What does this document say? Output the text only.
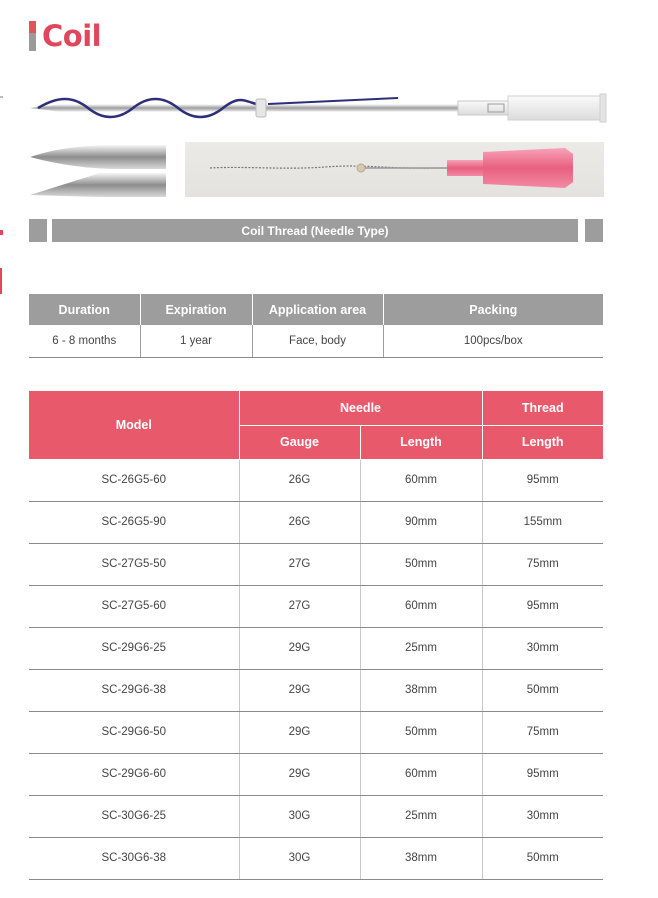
Coil
Coil Thread (Needle Type)
Duration	Expiration	Application area	Packing
6 - 8 months	1 year	Face, body	100pcs/box
Model	Needle		Thread
	Gauge	Length	Length
SC-26G5-60	26G	60mm	95mm
SC-26G5-90	26G	90mm	155mm
SC-27G5-50	27G	50mm	75mm
SC-27G5-60	27G	60mm	95mm
SC-29G6-25	29G	25mm	30mm
SC-29G6-38	29G	38mm	50mm
SC-29G6-50	29G	50mm	75mm
SC-29G6-60	29G	60mm	95mm
SC-30G6-25	30G	25mm	30mm
SC-30G6-38	30G	38mm	50mm
